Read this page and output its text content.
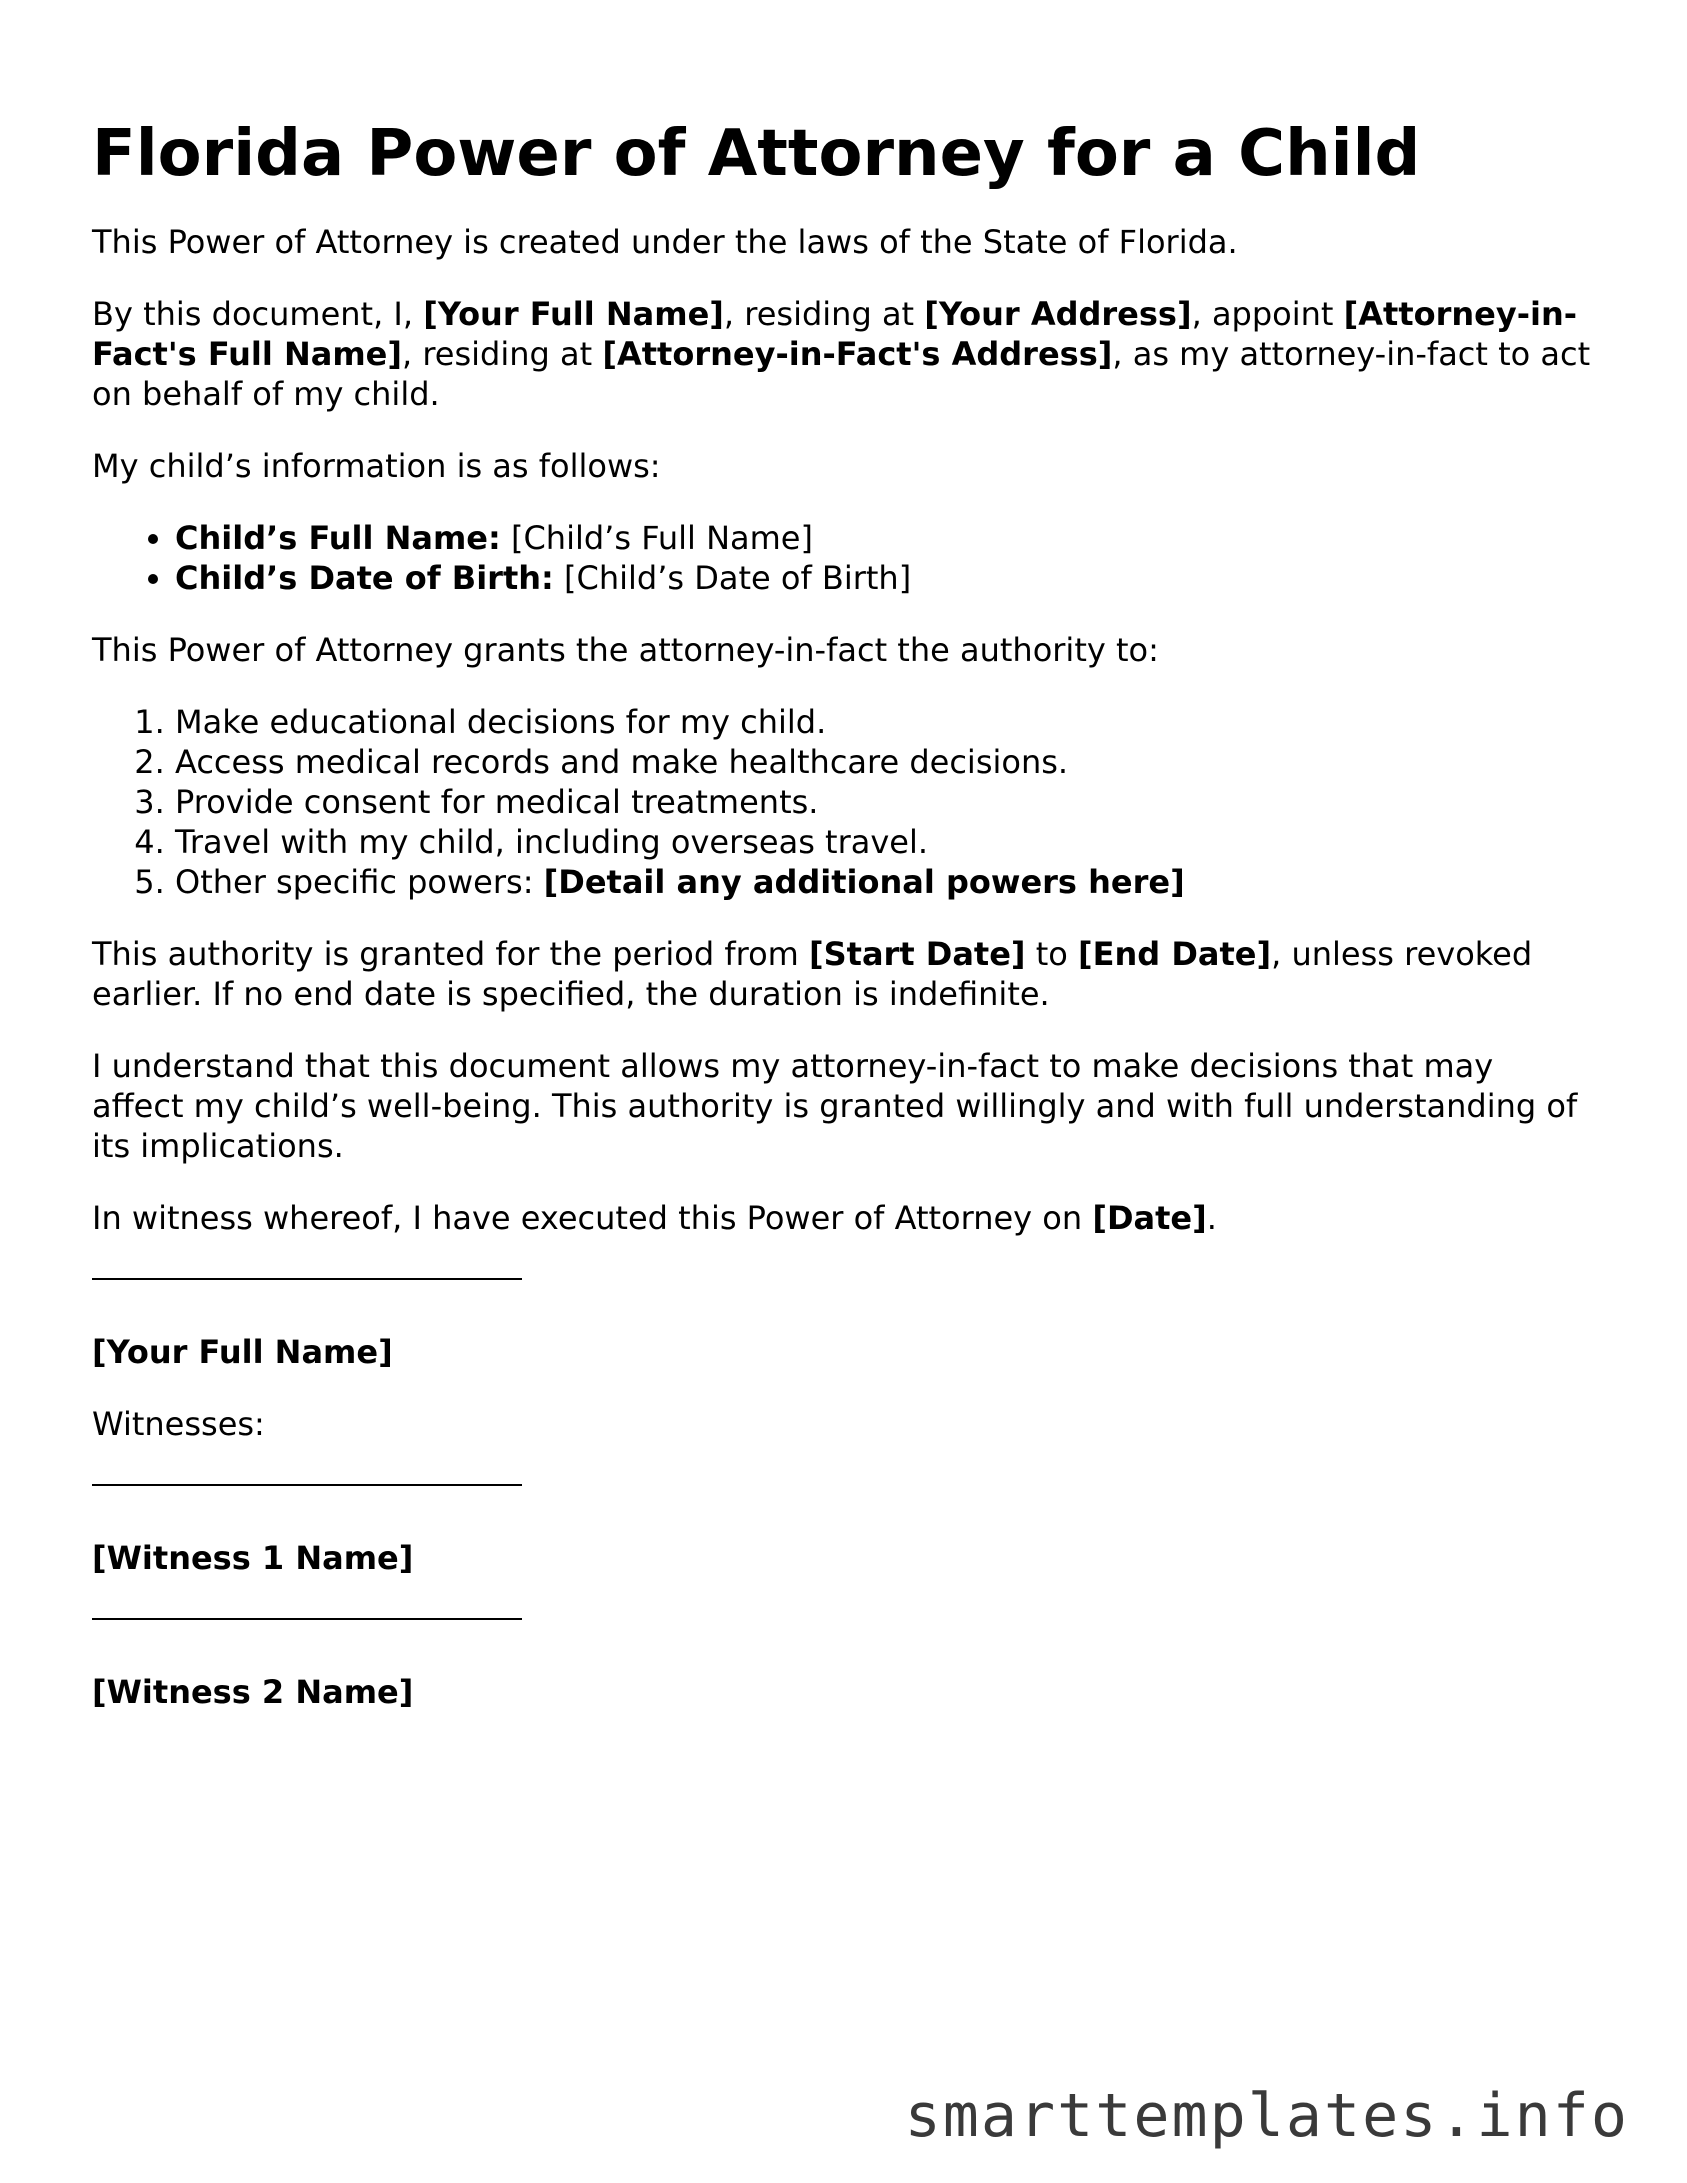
Florida Power of Attorney for a Child

This Power of Attorney is created under the laws of the State of Florida.

By this document, I, [Your Full Name], residing at [Your Address], appoint [Attorney-in-Fact's Full Name], residing at [Attorney-in-Fact's Address], as my attorney-in-fact to act on behalf of my child.

My child’s information is as follows:

• Child’s Full Name: [Child’s Full Name]
• Child’s Date of Birth: [Child’s Date of Birth]

This Power of Attorney grants the attorney-in-fact the authority to:

1. Make educational decisions for my child.
2. Access medical records and make healthcare decisions.
3. Provide consent for medical treatments.
4. Travel with my child, including overseas travel.
5. Other specific powers: [Detail any additional powers here]

This authority is granted for the period from [Start Date] to [End Date], unless revoked earlier. If no end date is specified, the duration is indefinite.

I understand that this document allows my attorney-in-fact to make decisions that may affect my child’s well-being. This authority is granted willingly and with full understanding of its implications.

In witness whereof, I have executed this Power of Attorney on [Date].

[Your Full Name]

Witnesses:

[Witness 1 Name]

[Witness 2 Name]

smarttemplates.info
